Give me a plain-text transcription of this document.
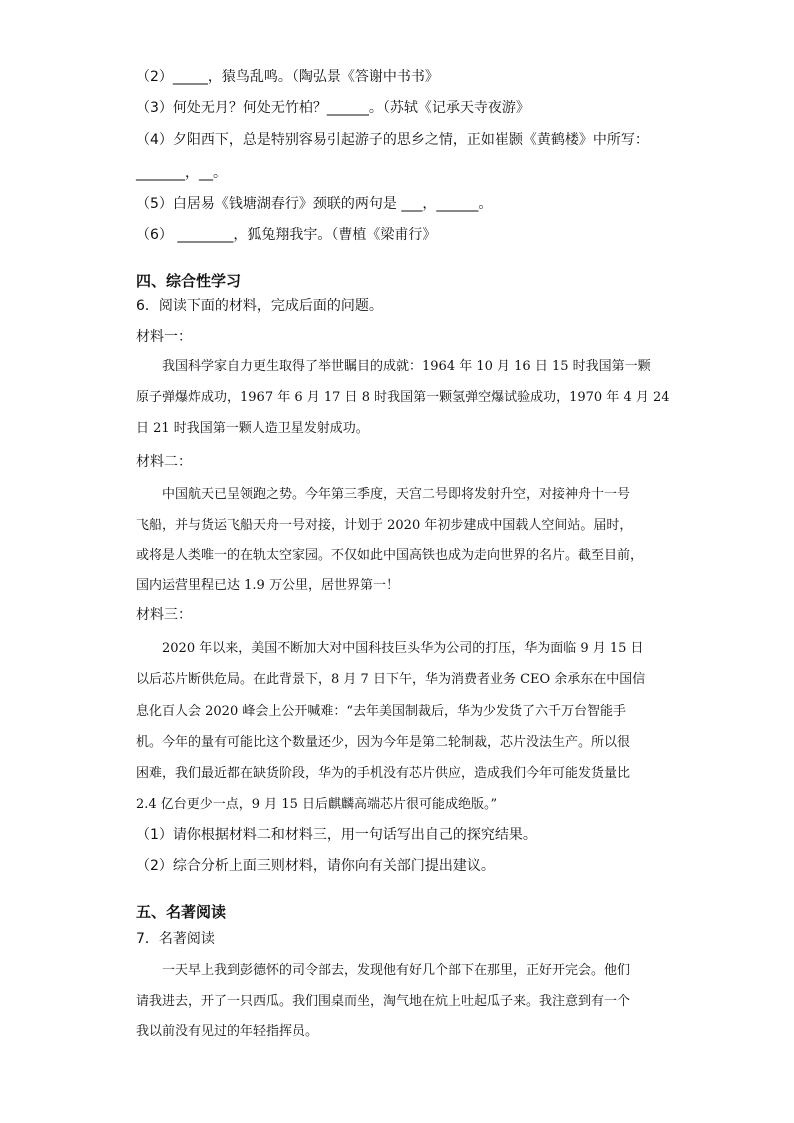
（2）_____，猿鸟乱鸣。（陶弘景《答谢中书书》
（3）何处无月？何处无竹柏？______。（苏轼《记承天寺夜游》
（4）夕阳西下，总是特别容易引起游子的思乡之情，正如崔颢《黄鹤楼》中所写：
_______，__。
（5）白居易《钱塘湖春行》颈联的两句是 ___，______。
（6） ________，狐兔翔我宇。（曹植《梁甫行》
四、综合性学习
6．阅读下面的材料，完成后面的问题。
材料一：
　　我国科学家自力更生取得了举世瞩目的成就：1964 年 10 月 16 日 15 时我国第一颗
原子弹爆炸成功，1967 年 6 月 17 日 8 时我国第一颗氢弹空爆试验成功，1970 年 4 月 24
日 21 时我国第一颗人造卫星发射成功。
材料二：
　　中国航天已呈领跑之势。今年第三季度，天宫二号即将发射升空，对接神舟十一号
飞船，并与货运飞船天舟一号对接，计划于 2020 年初步建成中国载人空间站。届时，
或将是人类唯一的在轨太空家园。不仅如此中国高铁也成为走向世界的名片。截至目前，
国内运营里程已达 1.9 万公里，居世界第一！
材料三：
　　2020 年以来，美国不断加大对中国科技巨头华为公司的打压，华为面临 9 月 15 日
以后芯片断供危局。在此背景下，8 月 7 日下午，华为消费者业务 CEO 余承东在中国信
息化百人会 2020 峰会上公开喊难：“去年美国制裁后，华为少发货了六千万台智能手
机。今年的量有可能比这个数量还少，因为今年是第二轮制裁，芯片没法生产。所以很
困难，我们最近都在缺货阶段，华为的手机没有芯片供应，造成我们今年可能发货量比
2.4 亿台更少一点，9 月 15 日后麒麟高端芯片很可能成绝版。”
（1）请你根据材料二和材料三，用一句话写出自己的探究结果。
（2）综合分析上面三则材料，请你向有关部门提出建议。
五、名著阅读
7．名著阅读
　　一天早上我到彭德怀的司令部去，发现他有好几个部下在那里，正好开完会。他们
请我进去，开了一只西瓜。我们围桌而坐，淘气地在炕上吐起瓜子来。我注意到有一个
我以前没有见过的年轻指挥员。
